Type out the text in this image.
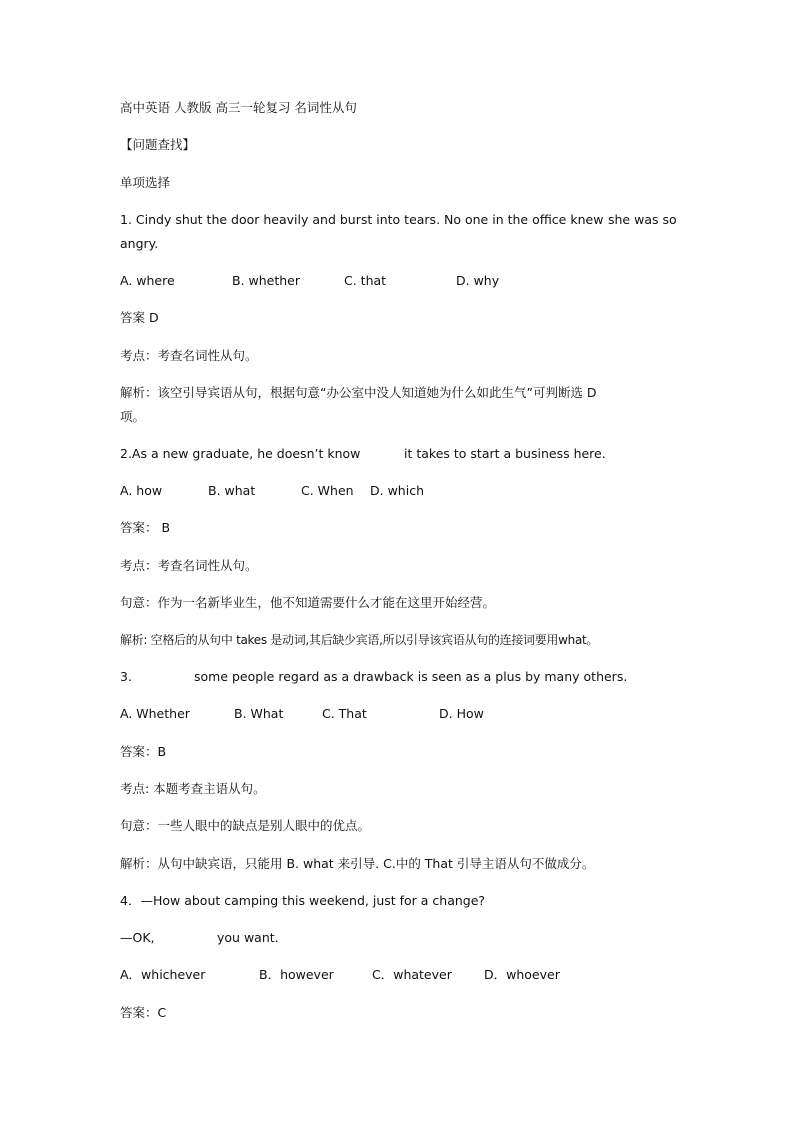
高中英语 人教版 高三一轮复习 名词性从句
【问题查找】
单项选择
1. Cindy shut the door heavily and burst into tears. No one in the office knew she was so
angry.
A. where	B. whether	C. that	D. why
答案 D
考点：考查名词性从句。
解析：该空引导宾语从句，根据句意“办公室中没人知道她为什么如此生气”可判断选 D
项。
2.As a new graduate, he doesn’t know	it takes to start a business here.
A. how	B. what	C. When D. which
答案： B
考点：考查名词性从句。
句意：作为一名新毕业生，他不知道需要什么才能在这里开始经营。
解析: 空格后的从句中 takes 是动词,其后缺少宾语,所以引导该宾语从句的连接词要用what。
3.	some people regard as a drawback is seen as a plus by many others.
A. Whether	B. What	C. That	D. How
答案：B
考点: 本题考查主语从句。
句意：一些人眼中的缺点是别人眼中的优点。
解析：从句中缺宾语，只能用 B. what 来引导. C.中的 That 引导主语从句不做成分。
4．—How about camping this weekend, just for a change?
—OK,	you want.
A．whichever	B．however	C．whatever	D．whoever
答案：C
